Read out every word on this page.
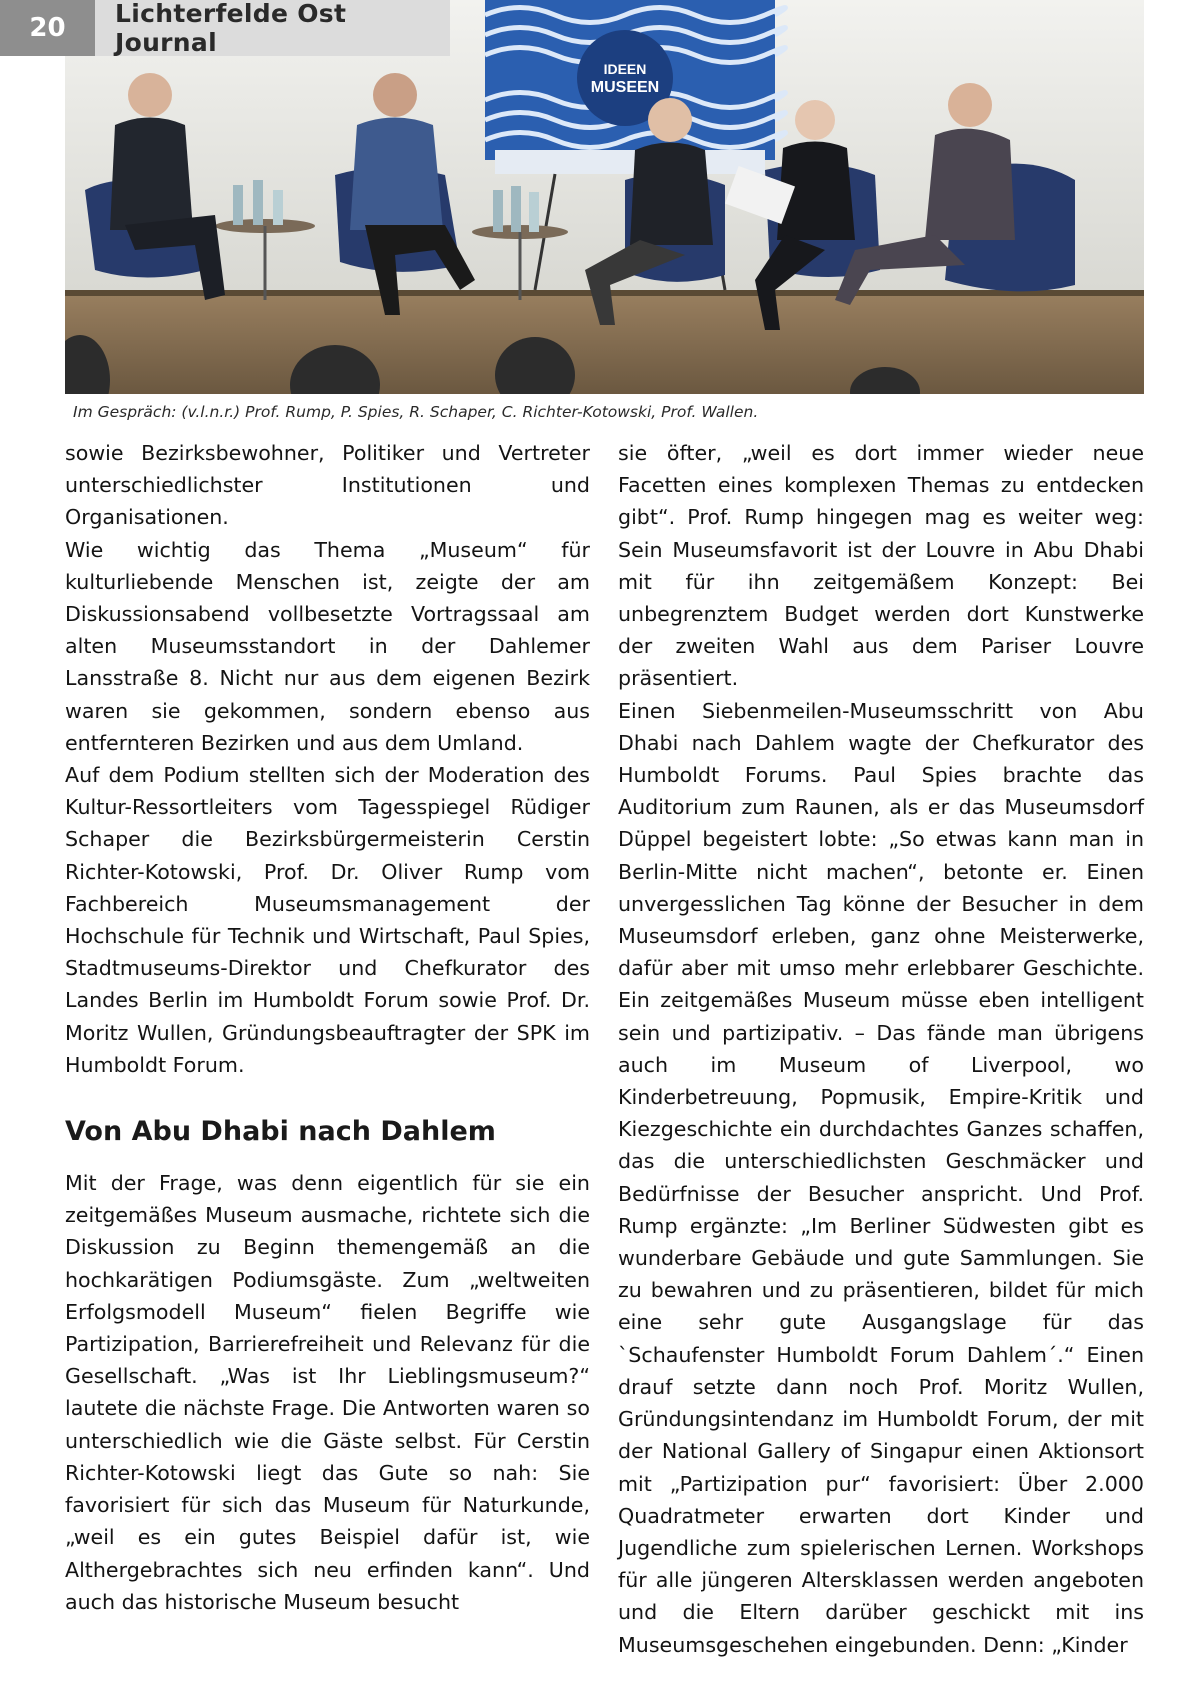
IDEEN
MUSEEN
20	Lichterfelde Ost Journal
Im Gespräch: (v.l.n.r.) Prof. Rump, P. Spies, R. Schaper, C. Richter-Kotowski, Prof. Wallen.

sowie Bezirksbewohner, Politiker und Vertreter unterschiedlichster Institutionen und Organisationen.

Wie wichtig das Thema „Museum“ für kulturliebende Menschen ist, zeigte der am Diskussionsabend vollbesetzte Vortragssaal am alten Museumsstandort in der Dahlemer Lansstraße 8. Nicht nur aus dem eigenen Bezirk waren sie gekommen, sondern ebenso aus entfernteren Bezirken und aus dem Umland.

Auf dem Podium stellten sich der Moderation des Kultur-Ressortleiters vom Tagesspiegel Rüdiger Schaper die Bezirksbürgermeisterin Cerstin Richter-Kotowski, Prof. Dr. Oliver Rump vom Fachbereich Museumsmanagement der Hochschule für Technik und Wirtschaft, Paul Spies, Stadtmuseums-Direktor und Chefkurator des Landes Berlin im Humboldt Forum sowie Prof. Dr. Moritz Wullen, Gründungsbeauftragter der SPK im Humboldt Forum.

Von Abu Dhabi nach Dahlem

Mit der Frage, was denn eigentlich für sie ein zeitgemäßes Museum ausmache, richtete sich die Diskussion zu Beginn themengemäß an die hochkarätigen Podiumsgäste. Zum „weltweiten Erfolgsmodell Museum“ fielen Begriffe wie Partizipation, Barrierefreiheit und Relevanz für die Gesellschaft. „Was ist Ihr Lieblingsmuseum?“ lautete die nächste Frage. Die Antworten waren so unterschiedlich wie die Gäste selbst. Für Cerstin Richter-Kotowski liegt das Gute so nah: Sie favorisiert für sich das Museum für Naturkunde, „weil es ein gutes Beispiel dafür ist, wie Althergebrachtes sich neu erfinden kann“. Und auch das historische Museum besucht

sie öfter, „weil es dort immer wieder neue Facetten eines komplexen Themas zu entdecken gibt“. Prof. Rump hingegen mag es weiter weg: Sein Museumsfavorit ist der Louvre in Abu Dhabi mit für ihn zeitgemäßem Konzept: Bei unbegrenztem Budget werden dort Kunstwerke der zweiten Wahl aus dem Pariser Louvre präsentiert.

Einen Siebenmeilen-Museumsschritt von Abu Dhabi nach Dahlem wagte der Chefkurator des Humboldt Forums. Paul Spies brachte das Auditorium zum Raunen, als er das Museumsdorf Düppel begeistert lobte: „So etwas kann man in Berlin-Mitte nicht machen“, betonte er. Einen unvergesslichen Tag könne der Besucher in dem Museumsdorf erleben, ganz ohne Meisterwerke, dafür aber mit umso mehr erlebbarer Geschichte. Ein zeitgemäßes Museum müsse eben intelligent sein und partizipativ. – Das fände man übrigens auch im Museum of Liverpool, wo Kinderbetreuung, Popmusik, Empire-Kritik und Kiezgeschichte ein durchdachtes Ganzes schaffen, das die unterschiedlichsten Geschmäcker und Bedürfnisse der Besucher anspricht. Und Prof. Rump ergänzte: „Im Berliner Südwesten gibt es wunderbare Gebäude und gute Sammlungen. Sie zu bewahren und zu präsentieren, bildet für mich eine sehr gute Ausgangslage für das `Schaufenster Humboldt Forum Dahlem´.“ Einen drauf setzte dann noch Prof. Moritz Wullen, Gründungsintendanz im Humboldt Forum, der mit der National Gallery of Singapur einen Aktionsort mit „Partizipation pur“ favorisiert: Über 2.000 Quadratmeter erwarten dort Kinder und Jugendliche zum spielerischen Lernen. Workshops für alle jüngeren Altersklassen werden angeboten und die Eltern darüber geschickt mit ins Museumsgeschehen eingebunden. Denn: „Kinder
